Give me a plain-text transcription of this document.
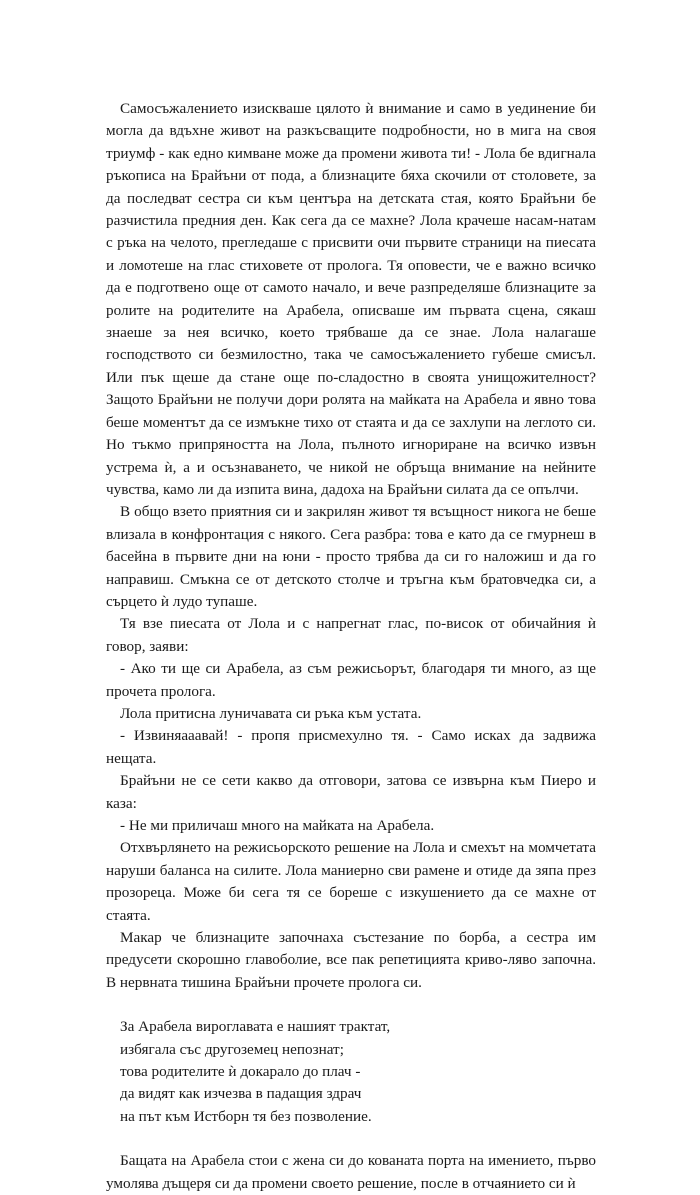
Самосъжалението изискваше цялото ѝ внимание и само в уединение би могла да вдъхне живот на разкъсващите подробности, но в мига на своя триумф - как едно кимване може да промени живота ти! - Лола бе вдигнала ръкописа на Брайъни от пода, а близнаците бяха скочили от столовете, за да последват сестра си към центъра на детската стая, която Брайъни бе разчистила предния ден. Как сега да се махне? Лола крачеше насам-натам с ръка на челото, прегледаше с присвити очи първите страници на пиесата и ломотеше на глас стиховете от пролога. Тя оповести, че е важно всичко да е подготвено още от самото начало, и вече разпределяше близнаците за ролите на родителите на Арабела, описваше им първата сцена, сякаш знаеше за нея всичко, което трябваше да се знае. Лола налагаше господството си безмилостно, така че самосъжалението губеше смисъл. Или пък щеше да стане още по-сладостно в своята унищожителност? Защото Брайъни не получи дори ролята на майката на Арабела и явно това беше моментът да се измъкне тихо от стаята и да се захлупи на леглото си. Но тъкмо припряността на Лола, пълното игнориране на всичко извън устрема ѝ, а и осъзнаването, че никой не обръща внимание на нейните чувства, камо ли да изпита вина, дадоха на Брайъни силата да се опълчи.

В общо взето приятния си и закрилян живот тя всъщност никога не беше влизала в конфронтация с някого. Сега разбра: това е като да се гмурнеш в басейна в първите дни на юни - просто трябва да си го наложиш и да го направиш. Смъкна се от детското столче и тръгна към братовчедка си, а сърцето ѝ лудо тупаше.

Тя взе пиесата от Лола и с напрегнат глас, по-висок от обичайния ѝ говор, заяви:

- Ако ти ще си Арабела, аз съм режисьорът, благодаря ти много, аз ще прочета пролога.

Лола притисна луничавата си ръка към устата.

- Извиняааавай! - пропя присмехулно тя. - Само исках да задвижа нещата.

Брайъни не се сети какво да отговори, затова се извърна към Пиеро и каза:

- Не ми приличаш много на майката на Арабела.

Отхвърлянето на режисьорското решение на Лола и смехът на момчетата наруши баланса на силите. Лола маниерно сви рамене и отиде да зяпа през прозореца. Може би сега тя се бореше с изкушението да се махне от стаята.

Макар че близнаците започнаха състезание по борба, а сестра им предусети скорошно главоболие, все пак репетицията криво-ляво започна. В нервната тишина Брайъни прочете пролога си.

За Арабела вироглавата е нашият трактат,
избягала със другоземец непознат;
това родителите ѝ докарало до плач -
да видят как изчезва в падащия здрач
на път към Истборн тя без позволение.

Бащата на Арабела стои с жена си до кованата порта на имението, първо умолява дъщеря си да промени своето решение, после в отчаянието си ѝ
